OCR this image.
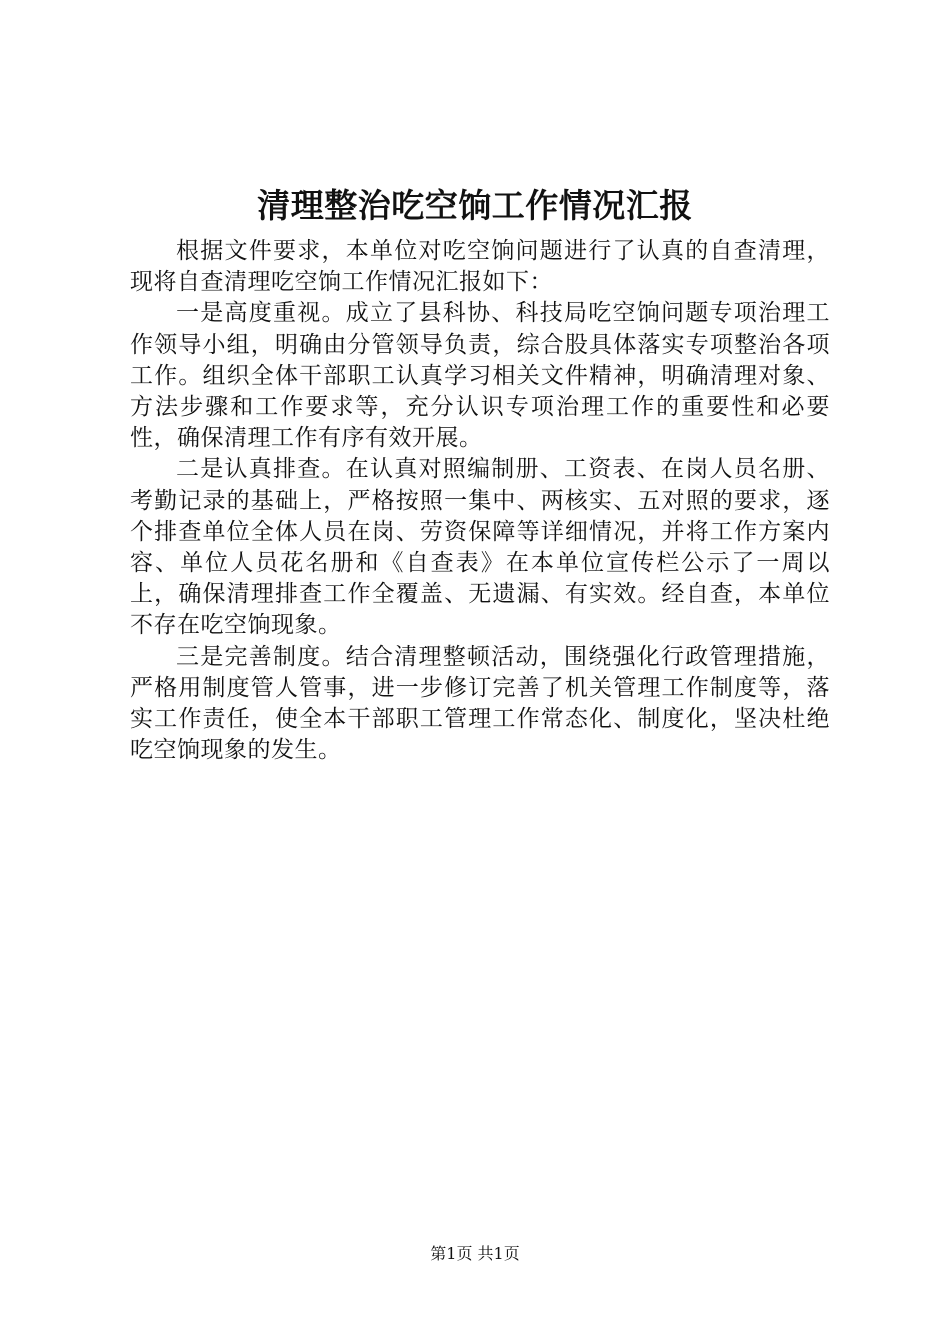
清理整治吃空饷工作情况汇报

根据文件要求，本单位对吃空饷问题进行了认真的自查清理，现将自查清理吃空饷工作情况汇报如下：

一是高度重视。成立了县科协、科技局吃空饷问题专项治理工作领导小组，明确由分管领导负责，综合股具体落实专项整治各项工作。组织全体干部职工认真学习相关文件精神，明确清理对象、方法步骤和工作要求等，充分认识专项治理工作的重要性和必要性，确保清理工作有序有效开展。

二是认真排查。在认真对照编制册、工资表、在岗人员名册、考勤记录的基础上，严格按照一集中、两核实、五对照的要求，逐个排查单位全体人员在岗、劳资保障等详细情况，并将工作方案内容、单位人员花名册和《自查表》在本单位宣传栏公示了一周以上，确保清理排查工作全覆盖、无遗漏、有实效。经自查，本单位不存在吃空饷现象。

三是完善制度。结合清理整顿活动，围绕强化行政管理措施，严格用制度管人管事，进一步修订完善了机关管理工作制度等，落实工作责任，使全本干部职工管理工作常态化、制度化，坚决杜绝吃空饷现象的发生。

第1页 共1页
